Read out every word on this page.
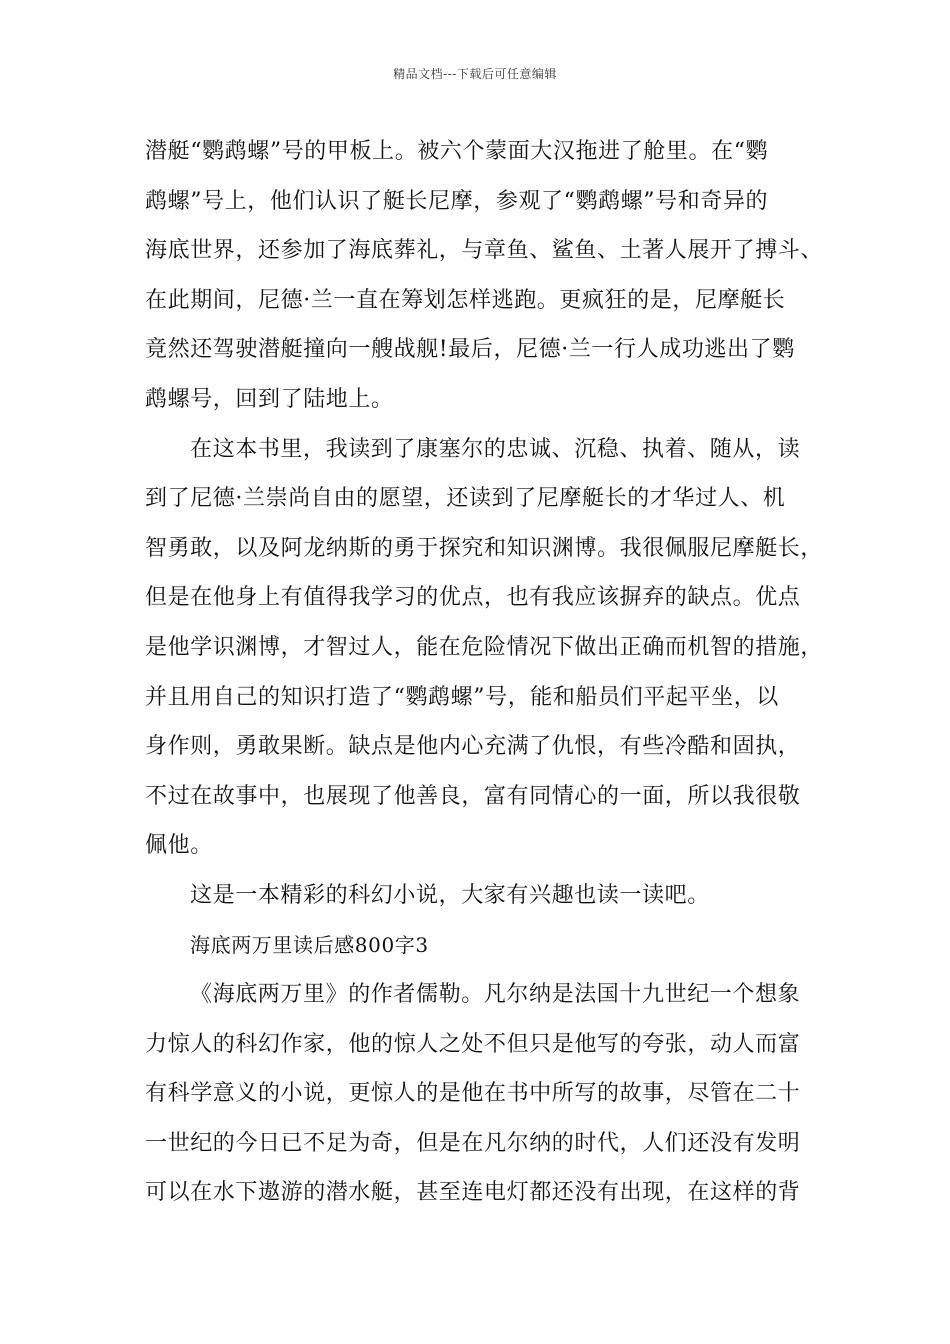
精品文档---下载后可任意编辑
潜艇“鹦鹉螺”号的甲板上。被六个蒙面大汉拖进了舱里。在“鹦
鹉螺”号上，他们认识了艇长尼摩，参观了“鹦鹉螺”号和奇异的
海底世界，还参加了海底葬礼，与章鱼、鲨鱼、土著人展开了搏斗、
在此期间，尼德·兰一直在筹划怎样逃跑。更疯狂的是，尼摩艇长
竟然还驾驶潜艇撞向一艘战舰!最后，尼德·兰一行人成功逃出了鹦
鹉螺号，回到了陆地上。
在这本书里，我读到了康塞尔的忠诚、沉稳、执着、随从，读
到了尼德·兰崇尚自由的愿望，还读到了尼摩艇长的才华过人、机
智勇敢，以及阿龙纳斯的勇于探究和知识渊博。我很佩服尼摩艇长，
但是在他身上有值得我学习的优点，也有我应该摒弃的缺点。优点
是他学识渊博，才智过人，能在危险情况下做出正确而机智的措施，
并且用自己的知识打造了“鹦鹉螺”号，能和船员们平起平坐，以
身作则，勇敢果断。缺点是他内心充满了仇恨，有些冷酷和固执，
不过在故事中，也展现了他善良，富有同情心的一面，所以我很敬
佩他。
这是一本精彩的科幻小说，大家有兴趣也读一读吧。
海底两万里读后感800字3
《海底两万里》的作者儒勒。凡尔纳是法国十九世纪一个想象
力惊人的科幻作家，他的惊人之处不但只是他写的夸张，动人而富
有科学意义的小说，更惊人的是他在书中所写的故事，尽管在二十
一世纪的今日已不足为奇，但是在凡尔纳的时代，人们还没有发明
可以在水下遨游的潜水艇，甚至连电灯都还没有出现，在这样的背
